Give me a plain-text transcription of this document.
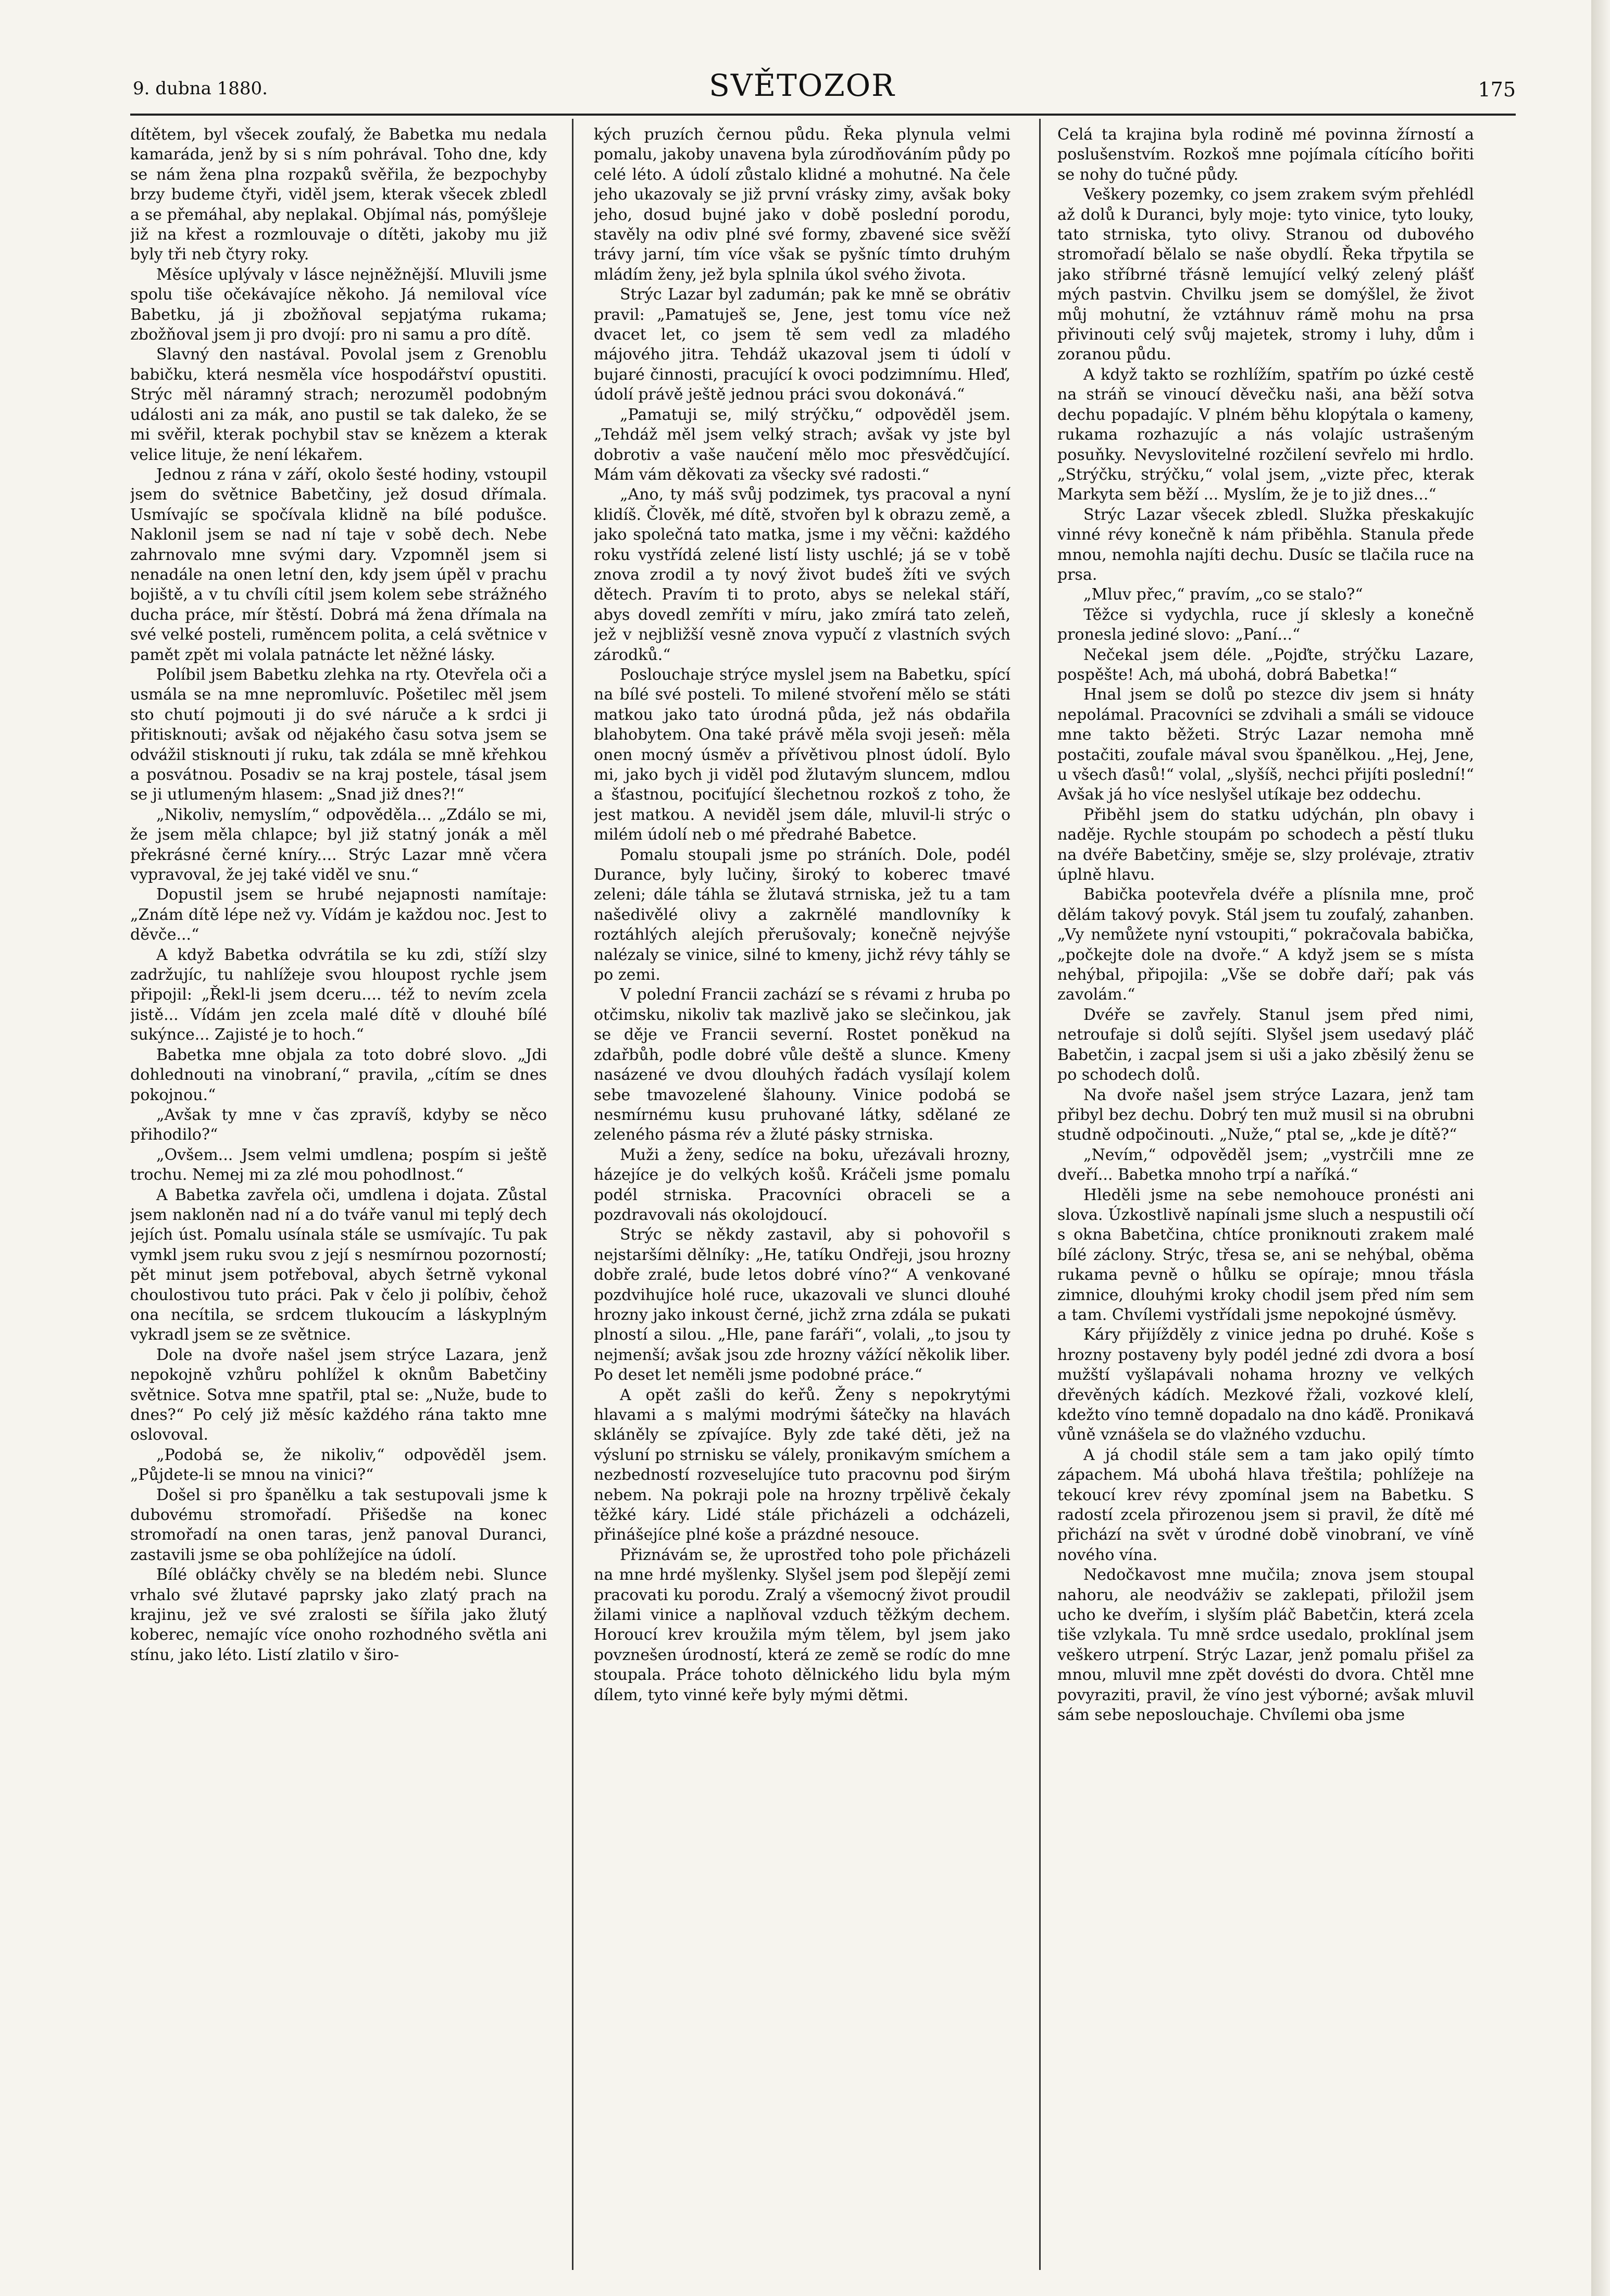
9. dubna 1880.	SVĚTOZOR	175

dítětem, byl všecek zoufalý, že Babetka mu nedala kamaráda, jenž by si s ním pohrával. Toho dne, kdy se nám žena plna rozpaků svěřila, že bezpochyby brzy budeme čtyři, viděl jsem, kterak všecek zbledl a se přemáhal, aby neplakal. Objímal nás, pomýšleje již na křest a rozmlouvaje o dítěti, jakoby mu již byly tři neb čtyry roky.

Měsíce uplývaly v lásce nejněžnější. Mluvili jsme spolu tiše očekávajíce někoho. Já nemiloval více Babetku, já ji zbožňoval sepjatýma rukama; zbožňoval jsem ji pro dvojí: pro ni samu a pro dítě.

Slavný den nastával. Povolal jsem z Grenoblu babičku, která nesměla více hospodářství opustiti. Strýc měl náramný strach; nerozuměl podobným události ani za mák, ano pustil se tak daleko, že se mi svěřil, kterak pochybil stav se knězem a kterak velice lituje, že není lékařem.

Jednou z rána v září, okolo šesté hodiny, vstoupil jsem do světnice Babetčiny, jež dosud dřímala. Usmívajíc se spočívala klidně na bílé podušce. Naklonil jsem se nad ní taje v sobě dech. Nebe zahrnovalo mne svými dary. Vzpomněl jsem si nenadále na onen letní den, kdy jsem úpěl v prachu bojiště, a v tu chvíli cítil jsem kolem sebe strážného ducha práce, mír štěstí. Dobrá má žena dřímala na své velké posteli, ruměncem polita, a celá světnice v pamět zpět mi volala patnácte let něžné lásky.

Políbil jsem Babetku zlehka na rty. Otevřela oči a usmála se na mne nepromluvíc. Pošetilec měl jsem sto chutí pojmouti ji do své náruče a k srdci ji přitisknouti; avšak od nějakého času sotva jsem se odvážil stisknouti jí ruku, tak zdála se mně křehkou a posvátnou. Posadiv se na kraj postele, tásal jsem se ji utlumeným hlasem: „Snad již dnes?!“

„Nikoliv, nemyslím,“ odpověděla... „Zdálo se mi, že jsem měla chlapce; byl již statný jonák a měl překrásné černé kníry.... Strýc Lazar mně včera vypravoval, že jej také viděl ve snu.“

Dopustil jsem se hrubé nejapnosti namítaje: „Znám dítě lépe než vy. Vídám je každou noc. Jest to děvče...“

A když Babetka odvrátila se ku zdi, stíží slzy zadržujíc, tu nahlížeje svou hloupost rychle jsem připojil: „Řekl-li jsem dceru.... též to nevím zcela jistě... Vídám jen zcela malé dítě v dlouhé bílé sukýnce... Zajisté je to hoch.“

Babetka mne objala za toto dobré slovo. „Jdi dohlednouti na vinobraní,“ pravila, „cítím se dnes pokojnou.“

„Avšak ty mne v čas zpravíš, kdyby se něco přihodilo?“

„Ovšem... Jsem velmi umdlena; pospím si ještě trochu. Nemej mi za zlé mou pohodlnost.“

A Babetka zavřela oči, umdlena i dojata. Zůstal jsem nakloněn nad ní a do tváře vanul mi teplý dech jejích úst. Pomalu usínala stále se usmívajíc. Tu pak vymkl jsem ruku svou z její s nesmírnou pozorností; pět minut jsem potřeboval, abych šetrně vykonal choulostivou tuto práci. Pak v čelo ji políbiv, čehož ona necítila, se srdcem tlukoucím a láskyplným vykradl jsem se ze světnice.

Dole na dvoře našel jsem strýce Lazara, jenž nepokojně vzhůru pohlížel k oknům Babetčiny světnice. Sotva mne spatřil, ptal se: „Nuže, bude to dnes?“ Po celý již měsíc každého rána takto mne oslovoval.

„Podobá se, že nikoliv,“ odpověděl jsem. „Půjdete-li se mnou na vinici?“

Došel si pro španělku a tak sestupovali jsme k dubovému stromořadí. Přišedše na konec stromořadí na onen taras, jenž panoval Duranci, zastavili jsme se oba pohlížejíce na údolí.

Bílé obláčky chvěly se na bledém nebi. Slunce vrhalo své žlutavé paprsky jako zlatý prach na krajinu, jež ve své zralosti se šířila jako žlutý koberec, nemajíc více onoho rozhodného světla ani stínu, jako léto. Listí zlatilo v širo-

kých pruzích černou půdu. Řeka plynula velmi pomalu, jakoby unavena byla zúrodňováním půdy po celé léto. A údolí zůstalo klidné a mohutné. Na čele jeho ukazovaly se již první vrásky zimy, avšak boky jeho, dosud bujné jako v době poslední porodu, stavěly na odiv plné své formy, zbavené sice svěží trávy jarní, tím více však se pyšníc tímto druhým mládím ženy, jež byla splnila úkol svého života.

Strýc Lazar byl zadumán; pak ke mně se obrátiv pravil: „Pamatuješ se, Jene, jest tomu více než dvacet let, co jsem tě sem vedl za mladého májového jitra. Tehdáž ukazoval jsem ti údolí v bujaré činnosti, pracující k ovoci podzimnímu. Hleď, údolí právě ještě jednou práci svou dokonává.“

„Pamatuji se, milý strýčku,“ odpověděl jsem. „Tehdáž měl jsem velký strach; avšak vy jste byl dobrotiv a vaše naučení mělo moc přesvědčující. Mám vám děkovati za všecky své radosti.“

„Ano, ty máš svůj podzimek, tys pracoval a nyní klidíš. Člověk, mé dítě, stvořen byl k obrazu země, a jako společná tato matka, jsme i my věčni: každého roku vystřídá zelené listí listy uschlé; já se v tobě znova zrodil a ty nový život budeš žíti ve svých dětech. Pravím ti to proto, abys se nelekal stáří, abys dovedl zemříti v míru, jako zmírá tato zeleň, jež v nejbližší vesně znova vypučí z vlastních svých zárodků.“

Poslouchaje strýce myslel jsem na Babetku, spící na bílé své posteli. To milené stvoření mělo se státi matkou jako tato úrodná půda, jež nás obdařila blahobytem. Ona také právě měla svoji jeseň: měla onen mocný úsměv a přívětivou plnost údolí. Bylo mi, jako bych ji viděl pod žlutavým sluncem, mdlou a šťastnou, pociťující šlechetnou rozkoš z toho, že jest matkou. A neviděl jsem dále, mluvil-li strýc o milém údolí neb o mé předrahé Babetce.

Pomalu stoupali jsme po stráních. Dole, podél Durance, byly lučiny, široký to koberec tmavé zeleni; dále táhla se žlutavá strniska, jež tu a tam našedivělé olivy a zakrnělé mandlovníky k roztáhlých alejích přerušovaly; konečně nejvýše nalézaly se vinice, silné to kmeny, jichž révy táhly se po zemi.

V polední Francii zachází se s révami z hruba po otčimsku, nikoliv tak mazlivě jako se slečinkou, jak se děje ve Francii severní. Rostet poněkud na zdařbůh, podle dobré vůle deště a slunce. Kmeny nasázené ve dvou dlouhých řadách vysílají kolem sebe tmavozelené šlahouny. Vinice podobá se nesmírnému kusu pruhované látky, sdělané ze zeleného pásma rév a žluté pásky strniska.

Muži a ženy, sedíce na boku, uřezávali hrozny, házejíce je do velkých košů. Kráčeli jsme pomalu podél strniska. Pracovníci obraceli se a pozdravovali nás okolojdoucí.

Strýc se někdy zastavil, aby si pohovořil s nejstaršími dělníky: „He, tatíku Ondřeji, jsou hrozny dobře zralé, bude letos dobré víno?“ A venkované pozdvihujíce holé ruce, ukazovali ve slunci dlouhé hrozny jako inkoust černé, jichž zrna zdála se pukati plností a silou. „Hle, pane faráři“, volali, „to jsou ty nejmenší; avšak jsou zde hrozny vážící několik liber. Po deset let neměli jsme podobné práce.“

A opět zašli do keřů. Ženy s nepokrytými hlavami a s malými modrými šátečky na hlavách skláněly se zpívajíce. Byly zde také děti, jež na výsluní po strnisku se válely, pronikavým smíchem a nezbedností rozveselujíce tuto pracovnu pod širým nebem. Na pokraji pole na hrozny trpělivě čekaly těžké káry. Lidé stále přicházeli a odcházeli, přinášejíce plné koše a prázdné nesouce.

Přiznávám se, že uprostřed toho pole přicházeli na mne hrdé myšlenky. Slyšel jsem pod šlepějí zemi pracovati ku porodu. Zralý a všemocný život proudil žilami vinice a naplňoval vzduch těžkým dechem. Horoucí krev kroužila mým tělem, byl jsem jako povznešen úrodností, která ze země se rodíc do mne stoupala. Práce tohoto dělnického lidu byla mým dílem, tyto vinné keře byly mými dětmi.

Celá ta krajina byla rodině mé povinna žírností a poslušenstvím. Rozkoš mne pojímala cítícího bořiti se nohy do tučné půdy.

Veškery pozemky, co jsem zrakem svým přehlédl až dolů k Duranci, byly moje: tyto vinice, tyto louky, tato strniska, tyto olivy. Stranou od dubového stromořadí bělalo se naše obydlí. Řeka třpytila se jako stříbrné třásně lemující velký zelený plášť mých pastvin. Chvilku jsem se domýšlel, že život můj mohutní, že vztáhnuv rámě mohu na prsa přivinouti celý svůj majetek, stromy i luhy, dům i zoranou půdu.

A když takto se rozhlížím, spatřím po úzké cestě na stráň se vinoucí děvečku naši, ana běží sotva dechu popadajíc. V plném běhu klopýtala o kameny, rukama rozhazujíc a nás volajíc ustrašeným posuňky. Nevyslovitelné rozčilení sevřelo mi hrdlo. „Strýčku, strýčku,“ volal jsem, „vizte přec, kterak Markyta sem běží ... Myslím, že je to již dnes...“

Strýc Lazar všecek zbledl. Služka přeskakujíc vinné révy konečně k nám přiběhla. Stanula přede mnou, nemohla najíti dechu. Dusíc se tlačila ruce na prsa.

„Mluv přec,“ pravím, „co se stalo?“

Těžce si vydychla, ruce jí sklesly a konečně pronesla jediné slovo: „Paní...“

Nečekal jsem déle. „Pojďte, strýčku Lazare, pospěšte! Ach, má ubohá, dobrá Babetka!“

Hnal jsem se dolů po stezce div jsem si hnáty nepolámal. Pracovníci se zdvihali a smáli se vidouce mne takto běžeti. Strýc Lazar nemoha mně postačiti, zoufale mával svou španělkou. „Hej, Jene, u všech ďasů!“ volal, „slyšíš, nechci přijíti poslední!“ Avšak já ho více neslyšel utíkaje bez oddechu.

Přiběhl jsem do statku udýchán, pln obavy i naděje. Rychle stoupám po schodech a pěstí tluku na dvéře Babetčiny, směje se, slzy prolévaje, ztrativ úplně hlavu.

Babička pootevřela dvéře a plísnila mne, proč dělám takový povyk. Stál jsem tu zoufalý, zahanben. „Vy nemůžete nyní vstoupiti,“ pokračovala babička, „počkejte dole na dvoře.“ A když jsem se s místa nehýbal, připojila: „Vše se dobře daří; pak vás zavolám.“

Dvéře se zavřely. Stanul jsem před nimi, netroufaje si dolů sejíti. Slyšel jsem usedavý pláč Babetčin, i zacpal jsem si uši a jako zběsilý ženu se po schodech dolů.

Na dvoře našel jsem strýce Lazara, jenž tam přibyl bez dechu. Dobrý ten muž musil si na obrubni studně odpočinouti. „Nuže,“ ptal se, „kde je dítě?“

„Nevím,“ odpověděl jsem; „vystrčili mne ze dveří... Babetka mnoho trpí a naříká.“

Hleděli jsme na sebe nemohouce pronésti ani slova. Úzkostlivě napínali jsme sluch a nespustili očí s okna Babetčina, chtíce proniknouti zrakem malé bílé záclony. Strýc, třesa se, ani se nehýbal, oběma rukama pevně o hůlku se opíraje; mnou třásla zimnice, dlouhými kroky chodil jsem před ním sem a tam. Chvílemi vystřídali jsme nepokojné úsměvy.

Káry přijížděly z vinice jedna po druhé. Koše s hrozny postaveny byly podél jedné zdi dvora a bosí mužští vyšlapávali nohama hrozny ve velkých dřevěných kádích. Mezkové řžali, vozkové klelí, kdežto víno temně dopadalo na dno káďě. Pronikavá vůně vznášela se do vlažného vzduchu.

A já chodil stále sem a tam jako opilý tímto zápachem. Má ubohá hlava třeštila; pohlížeje na tekoucí krev révy zpomínal jsem na Babetku. S radostí zcela přirozenou jsem si pravil, že dítě mé přichází na svět v úrodné době vinobraní, ve víně nového vína.

Nedočkavost mne mučila; znova jsem stoupal nahoru, ale neodváživ se zaklepati, přiložil jsem ucho ke dveřím, i slyším pláč Babetčin, která zcela tiše vzlykala. Tu mně srdce usedalo, proklínal jsem veškero utrpení. Strýc Lazar, jenž pomalu přišel za mnou, mluvil mne zpět dovésti do dvora. Chtěl mne povyraziti, pravil, že víno jest výborné; avšak mluvil sám sebe neposlouchaje. Chvílemi oba jsme
